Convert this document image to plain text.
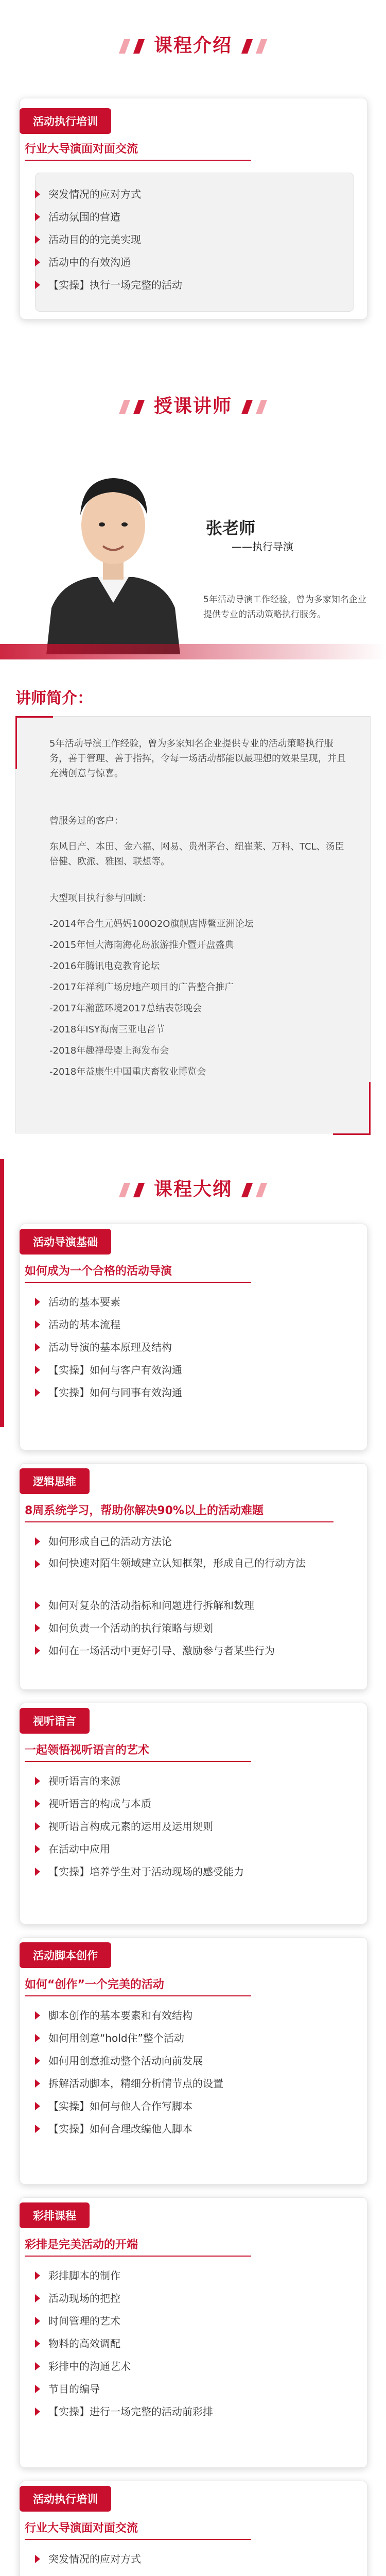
课程介绍
活动执行培训
行业大导演面对面交流
突发情况的应对方式
活动氛围的营造
活动目的的完美实现
活动中的有效沟通
【实操】执行一场完整的活动
授课讲师
张老师
——执行导演
5年活动导演工作经验，曾为多家知名企业提供专业的活动策略执行服务。
讲师简介：
5年活动导演工作经验，曾为多家知名企业提供专业的活动策略执行服务，善于管理、善于指挥，令每一场活动都能以最理想的效果呈现，并且充满创意与惊喜。
曾服务过的客户：
东风日产、本田、金六福、网易、贵州茅台、纽崔莱、万科、TCL、汤臣倍健、欧派、雅图、联想等。
大型项目执行参与回顾：
-2014年合生元妈妈100O2O旗舰店博鳌亚洲论坛
-2015年恒大海南海花岛旅游推介暨开盘盛典
-2016年腾讯电竞教育论坛
-2017年祥利广场房地产项目的广告整合推广
-2017年瀚蓝环境2017总结表彰晚会
-2018年ISY海南三亚电音节
-2018年趣禅母婴上海发布会
-2018年益康生中国重庆畜牧业博览会
课程大纲
活动导演基础
如何成为一个合格的活动导演
活动的基本要素
活动的基本流程
活动导演的基本原理及结构
【实操】如何与客户有效沟通
【实操】如何与同事有效沟通
逻辑思维
8周系统学习，帮助你解决90%以上的活动难题
如何形成自己的活动方法论
如何快速对陌生领域建立认知框架，形成自己的行动方法
如何对复杂的活动指标和问题进行拆解和数理
如何负责一个活动的执行策略与规划
如何在一场活动中更好引导、激励参与者某些行为
视听语言
一起领悟视听语言的艺术
视听语言的来源
视听语言的构成与本质
视听语言构成元素的运用及运用规则
在活动中应用
【实操】培养学生对于活动现场的感受能力
活动脚本创作
如何“创作”一个完美的活动
脚本创作的基本要素和有效结构
如何用创意“hold住”整个活动
如何用创意推动整个活动向前发展
拆解活动脚本，精细分析情节点的设置
【实操】如何与他人合作写脚本
【实操】如何合理改编他人脚本
彩排课程
彩排是完美活动的开端
彩排脚本的制作
活动现场的把控
时间管理的艺术
物料的高效调配
彩排中的沟通艺术
节目的编导
【实操】进行一场完整的活动前彩排
活动执行培训
行业大导演面对面交流
突发情况的应对方式
